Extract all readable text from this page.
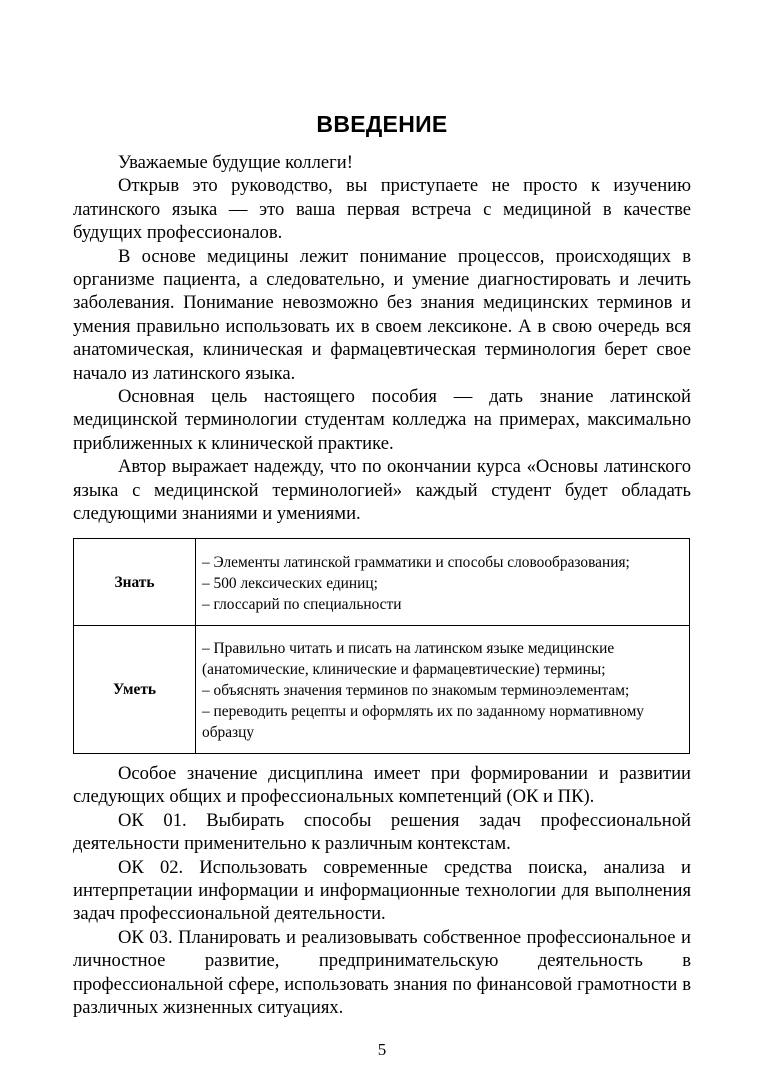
ВВЕДЕНИЕ

Уважаемые будущие коллеги!

Открыв это руководство, вы приступаете не просто к изучению латинского языка — это ваша первая встреча с медициной в качестве будущих профессионалов.

В основе медицины лежит понимание процессов, происходящих в организме пациента, а следовательно, и умение диагностировать и лечить заболевания. Понимание невозможно без знания медицинских терминов и умения правильно использовать их в своем лексиконе. А в свою очередь вся анатомическая, клиническая и фармацевтическая терминология берет свое начало из латинского языка.

Основная цель настоящего пособия — дать знание латинской медицинской терминологии студентам колледжа на примерах, максимально приближенных к клинической практике.

Автор выражает надежду, что по окончании курса «Основы латинского языка с медицинской терминологией» каждый студент будет обладать следующими знаниями и умениями.

Знать	– Элементы латинской грамматики и способы словообразования;
– 500 лексических единиц;
– глоссарий по специальности

Уметь	– Правильно читать и писать на латинском языке медицинские (анатомические, клинические и фармацевтические) термины;
– объяснять значения терминов по знакомым терминоэлементам;
– переводить рецепты и оформлять их по заданному нормативному образцу

Особое значение дисциплина имеет при формировании и развитии следующих общих и профессиональных компетенций (ОК и ПК).

ОК 01. Выбирать способы решения задач профессиональной деятельности применительно к различным контекстам.

ОК 02. Использовать современные средства поиска, анализа и интерпретации информации и информационные технологии для выполнения задач профессиональной деятельности.

ОК 03. Планировать и реализовывать собственное профессиональное и личностное развитие, предпринимательскую деятельность в профессиональной сфере, использовать знания по финансовой грамотности в различных жизненных ситуациях.

5
